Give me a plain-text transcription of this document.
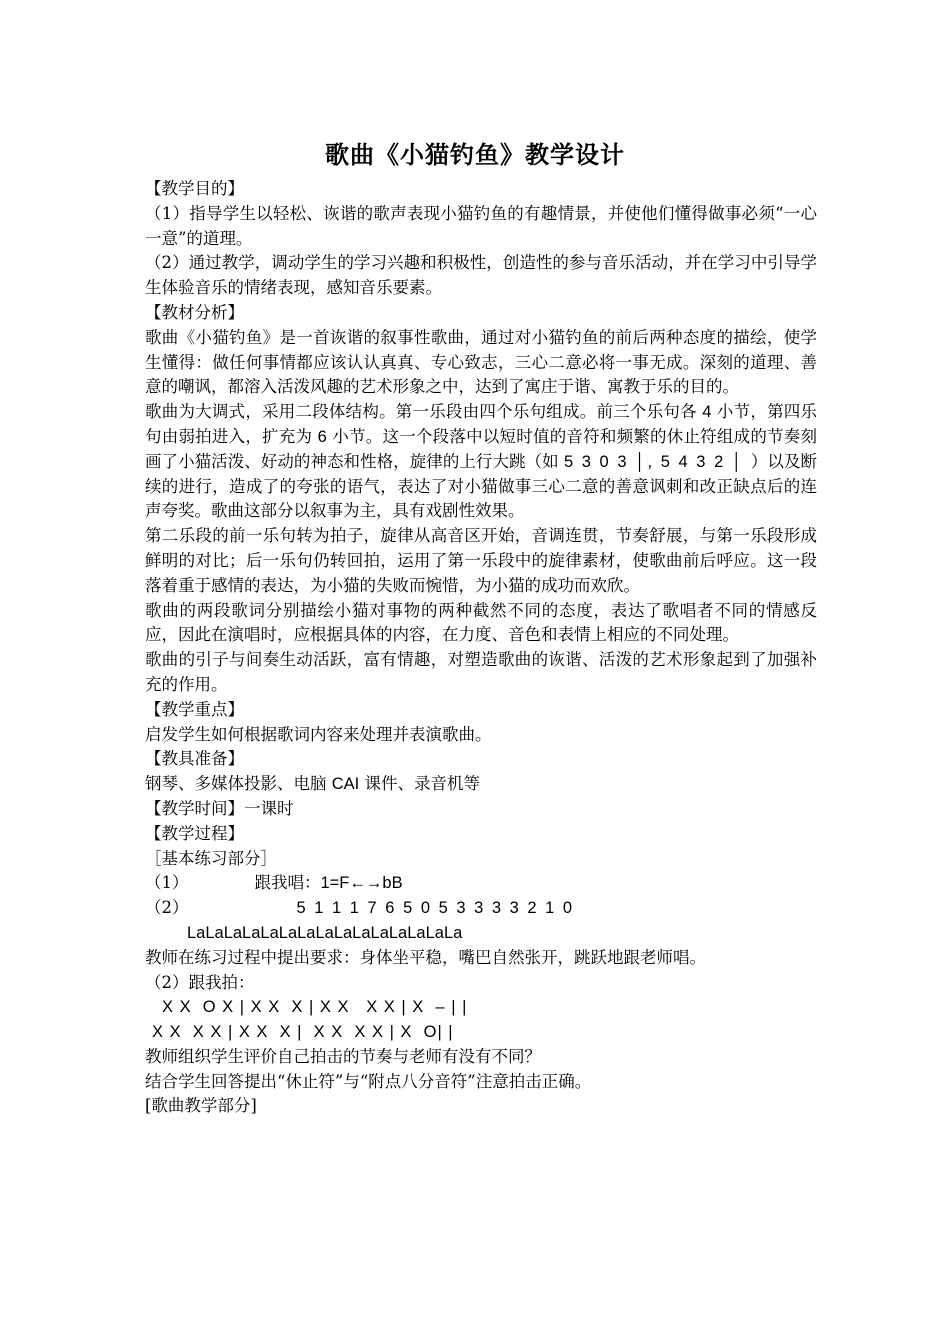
歌曲《小猫钓鱼》教学设计

【教学目的】

（1）指导学生以轻松、诙谐的歌声表现小猫钓鱼的有趣情景，并使他们懂得做事必须“一心一意”的道理。

（2）通过教学，调动学生的学习兴趣和积极性，创造性的参与音乐活动，并在学习中引导学生体验音乐的情绪表现，感知音乐要素。

【教材分析】

歌曲《小猫钓鱼》是一首诙谐的叙事性歌曲，通过对小猫钓鱼的前后两种态度的描绘，使学生懂得：做任何事情都应该认认真真、专心致志，三心二意必将一事无成。深刻的道理、善意的嘲讽，都溶入活泼风趣的艺术形象之中，达到了寓庄于谐、寓教于乐的目的。

歌曲为大调式，采用二段体结构。第一乐段由四个乐句组成。前三个乐句各 4 小节，第四乐句由弱拍进入，扩充为 6 小节。这一个段落中以短时值的音符和频繁的休止符组成的节奏刻画了小猫活泼、好动的神态和性格，旋律的上行大跳（如 5 3 0 3 │, 5 4 3 2 │ ）以及断续的进行，造成了的夸张的语气，表达了对小猫做事三心二意的善意讽刺和改正缺点后的连声夸奖。歌曲这部分以叙事为主，具有戏剧性效果。

第二乐段的前一乐句转为拍子，旋律从高音区开始，音调连贯，节奏舒展，与第一乐段形成鲜明的对比；后一乐句仍转回拍，运用了第一乐段中的旋律素材，使歌曲前后呼应。这一段落着重于感情的表达，为小猫的失败而惋惜，为小猫的成功而欢欣。

歌曲的两段歌词分别描绘小猫对事物的两种截然不同的态度，表达了歌唱者不同的情感反应，因此在演唱时，应根据具体的内容，在力度、音色和表情上相应的不同处理。

歌曲的引子与间奏生动活跃，富有情趣，对塑造歌曲的诙谐、活泼的艺术形象起到了加强补充的作用。

【教学重点】

启发学生如何根据歌词内容来处理并表演歌曲。

【教具准备】

钢琴、多媒体投影、电脑 CAI 课件、录音机等

【教学时间】一课时

【教学过程】

［基本练习部分］

（1）	跟我唱：1=F←→bB

（2）	5 1 1 1 7 6 5 0 5 3 3 3 3 2 1 0

LaLaLaLaLaLaLaLaLaLaLaLaLaLaLa

教师在练习过程中提出要求：身体坐平稳，嘴巴自然张开，跳跃地跟老师唱。

（2）跟我拍：

X X  O X | X X  X | X X   X X | X  – | |

X X  X X | X X  X |  X X  X X | X  O| |

教师组织学生评价自己拍击的节奏与老师有没有不同？

结合学生回答提出“休止符”与“附点八分音符”注意拍击正确。

[歌曲教学部分]
